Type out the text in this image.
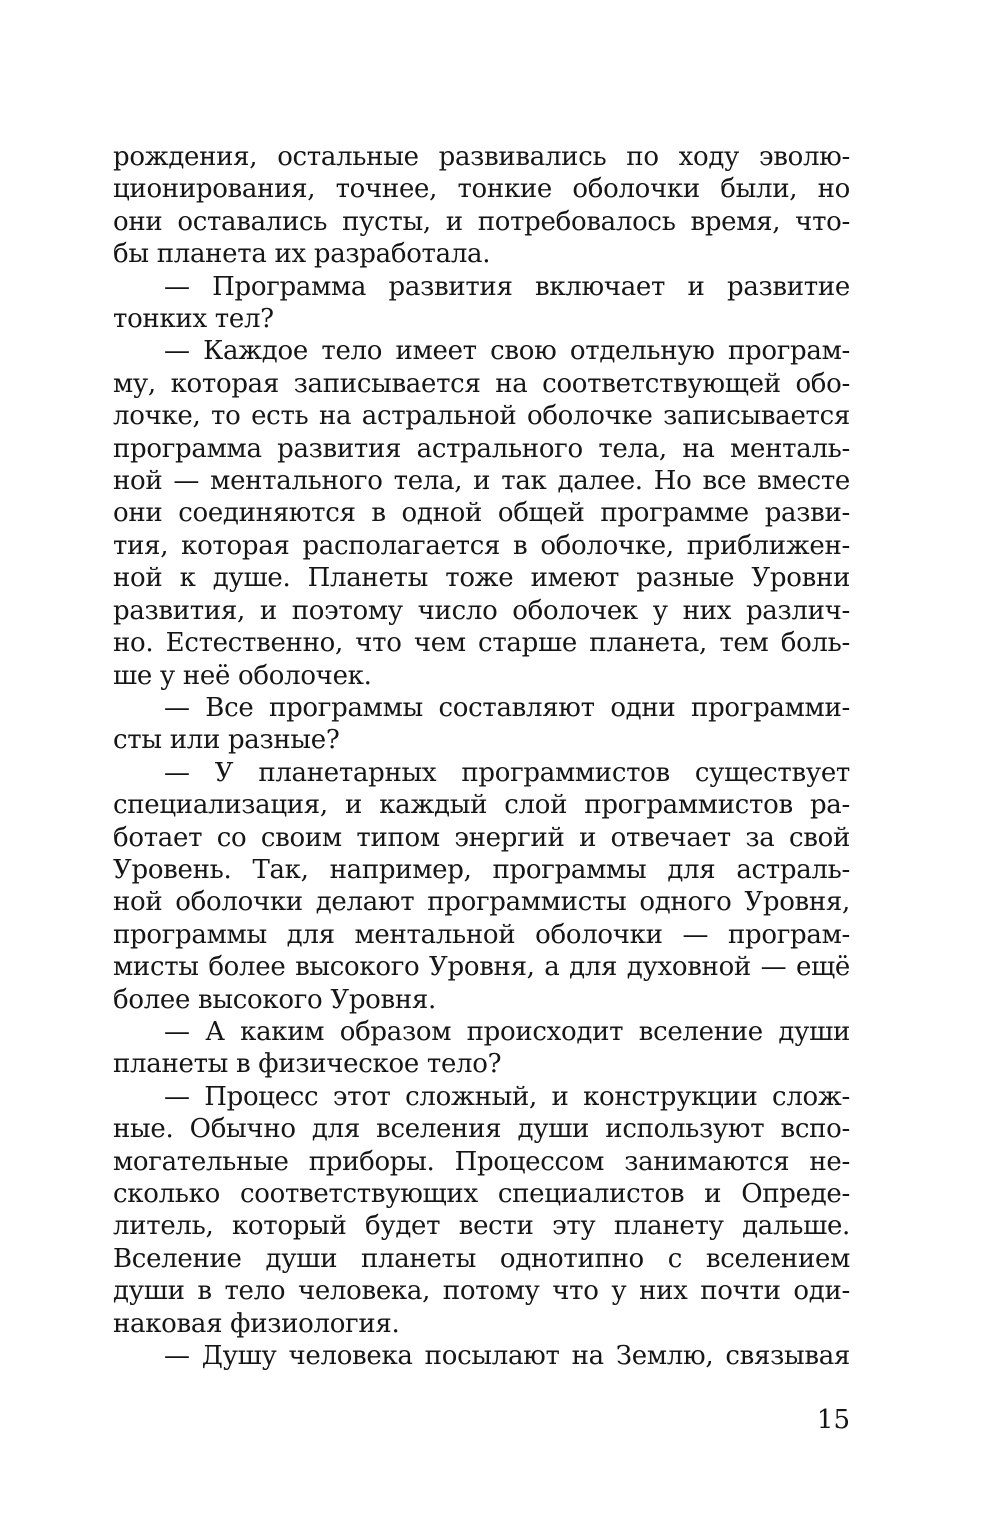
рождения, остальные развивались по ходу эволю-
ционирования, точнее, тонкие оболочки были, но
они оставались пусты, и потребовалось время, что-
бы планета их разработала.
— Программа развития включает и развитие
тонких тел?
— Каждое тело имеет свою отдельную програм-
му, которая записывается на соответствующей обо-
лочке, то есть на астральной оболочке записывается
программа развития астрального тела, на менталь-
ной — ментального тела, и так далее. Но все вместе
они соединяются в одной общей программе разви-
тия, которая располагается в оболочке, приближен-
ной к душе. Планеты тоже имеют разные Уровни
развития, и поэтому число оболочек у них различ-
но. Естественно, что чем старше планета, тем боль-
ше у неё оболочек.
— Все программы составляют одни программи-
сты или разные?
— У планетарных программистов существует
специализация, и каждый слой программистов ра-
ботает со своим типом энергий и отвечает за свой
Уровень. Так, например, программы для астраль-
ной оболочки делают программисты одного Уровня,
программы для ментальной оболочки — програм-
мисты более высокого Уровня, а для духовной — ещё
более высокого Уровня.
— А каким образом происходит вселение души
планеты в физическое тело?
— Процесс этот сложный, и конструкции слож-
ные. Обычно для вселения души используют вспо-
могательные приборы. Процессом занимаются не-
сколько соответствующих специалистов и Опреде-
литель, который будет вести эту планету дальше.
Вселение души планеты однотипно с вселением
души в тело человека, потому что у них почти оди-
наковая физиология.
— Душу человека посылают на Землю, связывая
15
